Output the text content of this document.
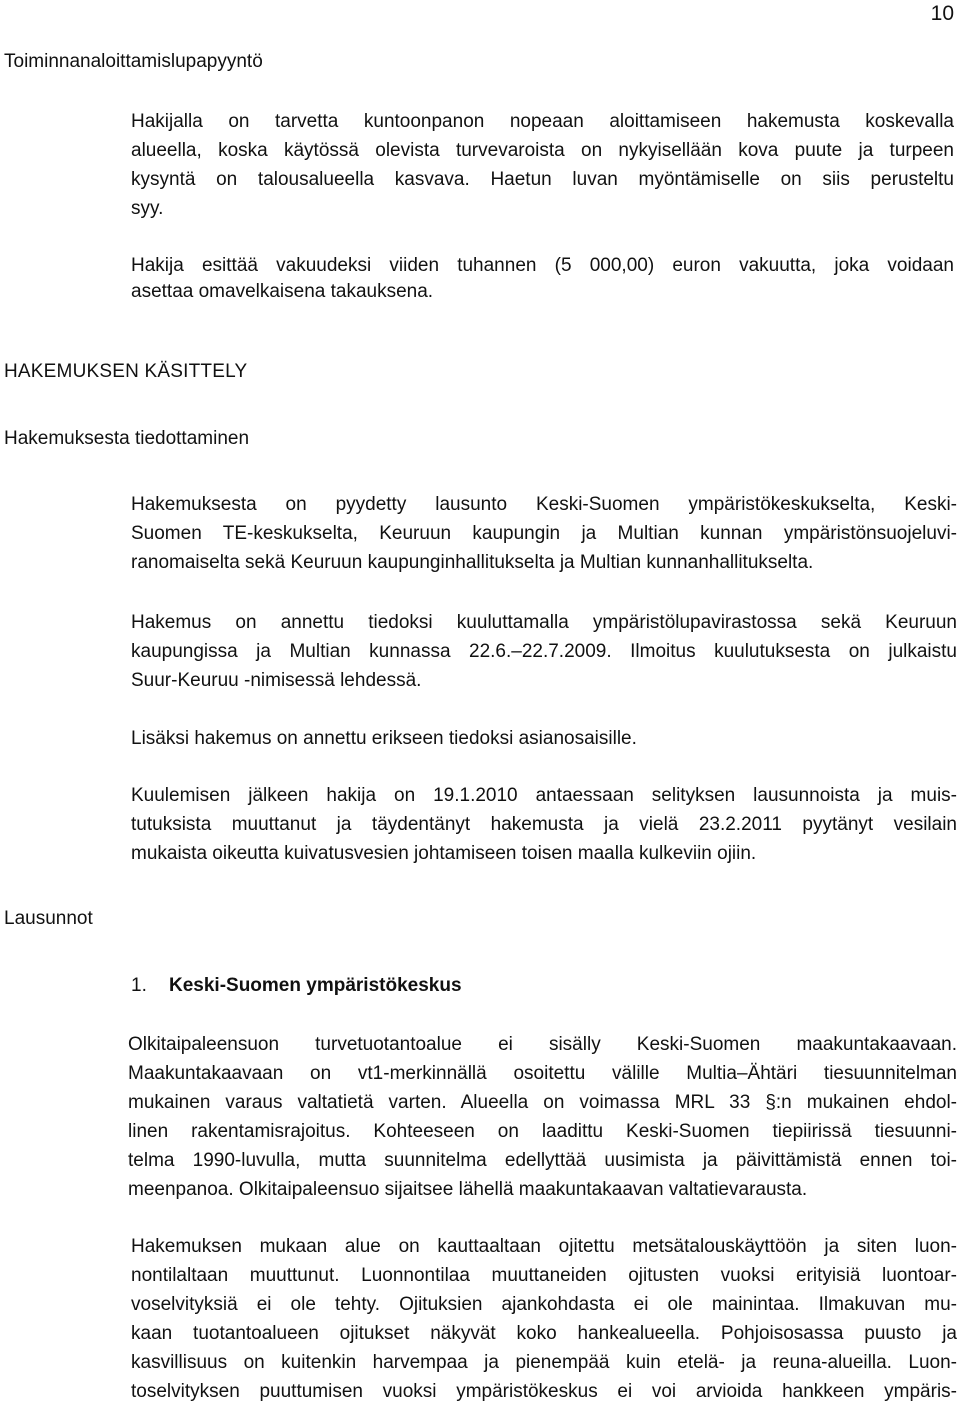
10
Toiminnanaloittamislupapyyntö
Hakijalla on tarvetta kuntoonpanon nopeaan aloittamiseen hakemusta koskevalla
alueella, koska käytössä olevista turvevaroista on nykyisellään kova puute ja turpeen
kysyntä on talousalueella kasvava. Haetun luvan myöntämiselle on siis perusteltu
syy.
Hakija esittää vakuudeksi viiden tuhannen (5 000,00) euron vakuutta, joka voidaan
asettaa omavelkaisena takauksena.
HAKEMUKSEN KÄSITTELY
Hakemuksesta tiedottaminen
Hakemuksesta on pyydetty lausunto Keski-Suomen ympäristökeskukselta, Keski-
Suomen TE-keskukselta, Keuruun kaupungin ja Multian kunnan ympäristönsuojeluvi-
ranomaiselta sekä Keuruun kaupunginhallitukselta ja Multian kunnanhallitukselta.
Hakemus on annettu tiedoksi kuuluttamalla ympäristölupavirastossa sekä Keuruun
kaupungissa ja Multian kunnassa 22.6.–22.7.2009. Ilmoitus kuulutuksesta on julkaistu
Suur-Keuruu -nimisessä lehdessä.
Lisäksi hakemus on annettu erikseen tiedoksi asianosaisille.
Kuulemisen jälkeen hakija on 19.1.2010 antaessaan selityksen lausunnoista ja muis-
tutuksista muuttanut ja täydentänyt hakemusta ja vielä 23.2.2011 pyytänyt vesilain
mukaista oikeutta kuivatusvesien johtamiseen toisen maalla kulkeviin ojiin.
Lausunnot
1. Keski-Suomen ympäristökeskus
Olkitaipaleensuon turvetuotantoalue ei sisälly Keski-Suomen maakuntakaavaan.
Maakuntakaavaan on vt1-merkinnällä osoitettu välille Multia–Ähtäri tiesuunnitelman
mukainen varaus valtatietä varten. Alueella on voimassa MRL 33 §:n mukainen ehdol-
linen rakentamisrajoitus. Kohteeseen on laadittu Keski-Suomen tiepiirissä tiesuunni-
telma 1990-luvulla, mutta suunnitelma edellyttää uusimista ja päivittämistä ennen toi-
meenpanoa. Olkitaipaleensuo sijaitsee lähellä maakuntakaavan valtatievarausta.
Hakemuksen mukaan alue on kauttaaltaan ojitettu metsätalouskäyttöön ja siten luon-
nontilaltaan muuttunut. Luonnontilaa muuttaneiden ojitusten vuoksi erityisiä luontoar-
voselvityksiä ei ole tehty. Ojituksien ajankohdasta ei ole mainintaa. Ilmakuvan mu-
kaan tuotantoalueen ojitukset näkyvät koko hankealueella. Pohjoisosassa puusto ja
kasvillisuus on kuitenkin harvempaa ja pienempää kuin etelä- ja reuna-alueilla. Luon-
toselvityksen puuttumisen vuoksi ympäristökeskus ei voi arvioida hankkeen ympäris-
